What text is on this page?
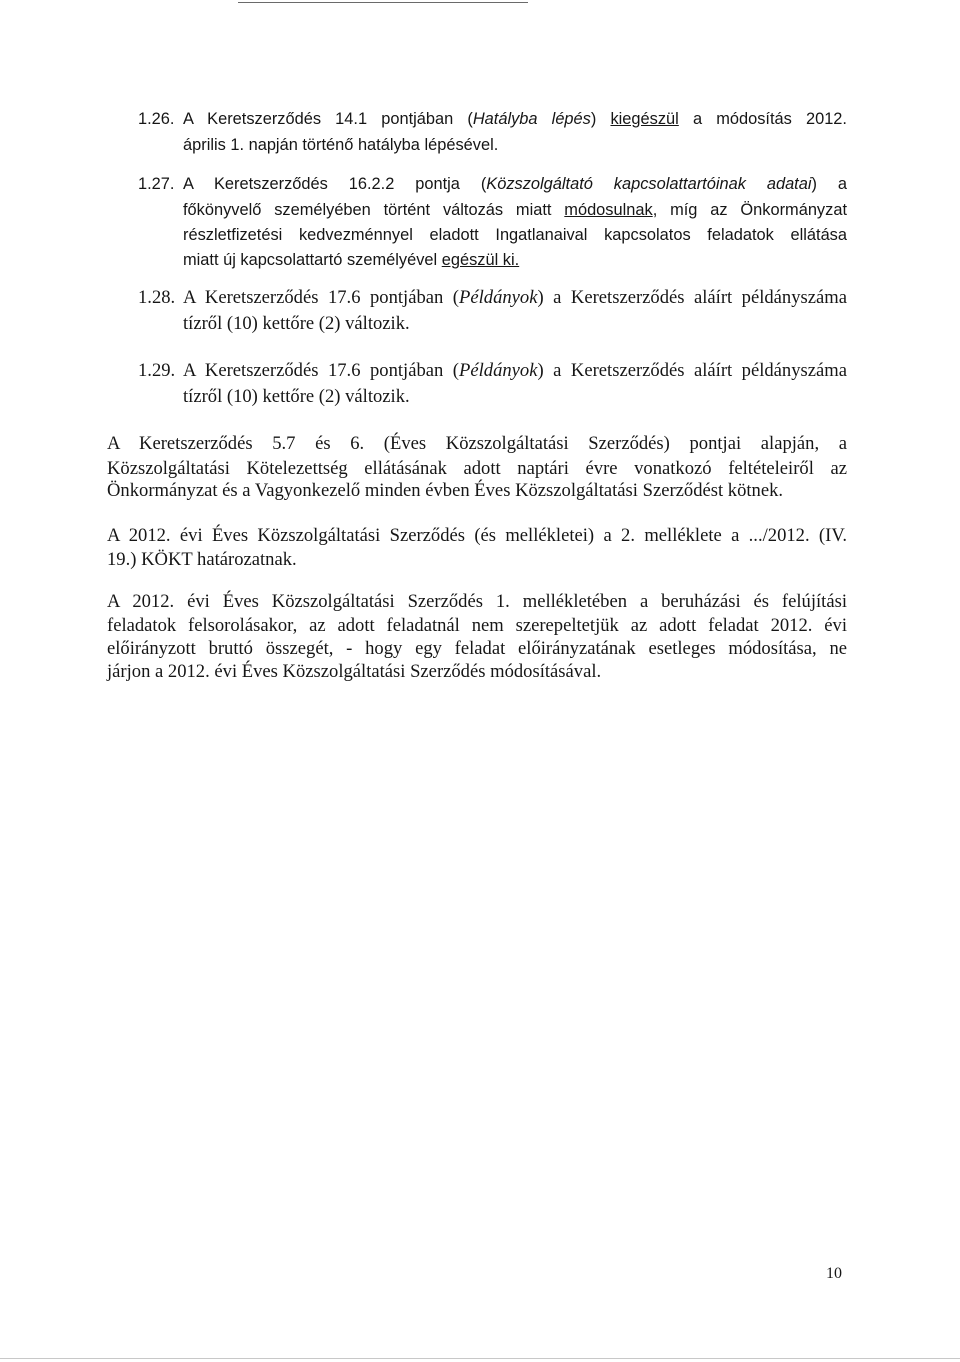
1.26. A Keretszerződés 14.1 pontjában (Hatályba lépés) kiegészül a módosítás 2012.
április 1. napján történő hatályba lépésével.
1.27. A Keretszerződés 16.2.2 pontja (Közszolgáltató kapcsolattartóinak adatai) a
főkönyvelő személyében történt változás miatt módosulnak, míg az Önkormányzat
részletfizetési kedvezménnyel eladott Ingatlanaival kapcsolatos feladatok ellátása
miatt új kapcsolattartó személyével egészül ki.
1.28. A Keretszerződés 17.6 pontjában (Példányok) a Keretszerződés aláírt példányszáma
tízről (10) kettőre (2) változik.
1.29. A Keretszerződés 17.6 pontjában (Példányok) a Keretszerződés aláírt példányszáma
tízről (10) kettőre (2) változik.
A Keretszerződés 5.7 és 6. (Éves Közszolgáltatási Szerződés) pontjai alapján, a
Közszolgáltatási Kötelezettség ellátásának adott naptári évre vonatkozó feltételeiről az
Önkormányzat és a Vagyonkezelő minden évben Éves Közszolgáltatási Szerződést kötnek.
A 2012. évi Éves Közszolgáltatási Szerződés (és mellékletei) a 2. melléklete a .../2012. (IV.
19.) KÖKT határozatnak.
A 2012. évi Éves Közszolgáltatási Szerződés 1. mellékletében a beruházási és felújítási
feladatok felsorolásakor, az adott feladatnál nem szerepeltetjük az adott feladat 2012. évi
előirányzott bruttó összegét, - hogy egy feladat előirányzatának esetleges módosítása, ne
járjon a 2012. évi Éves Közszolgáltatási Szerződés módosításával.
10
